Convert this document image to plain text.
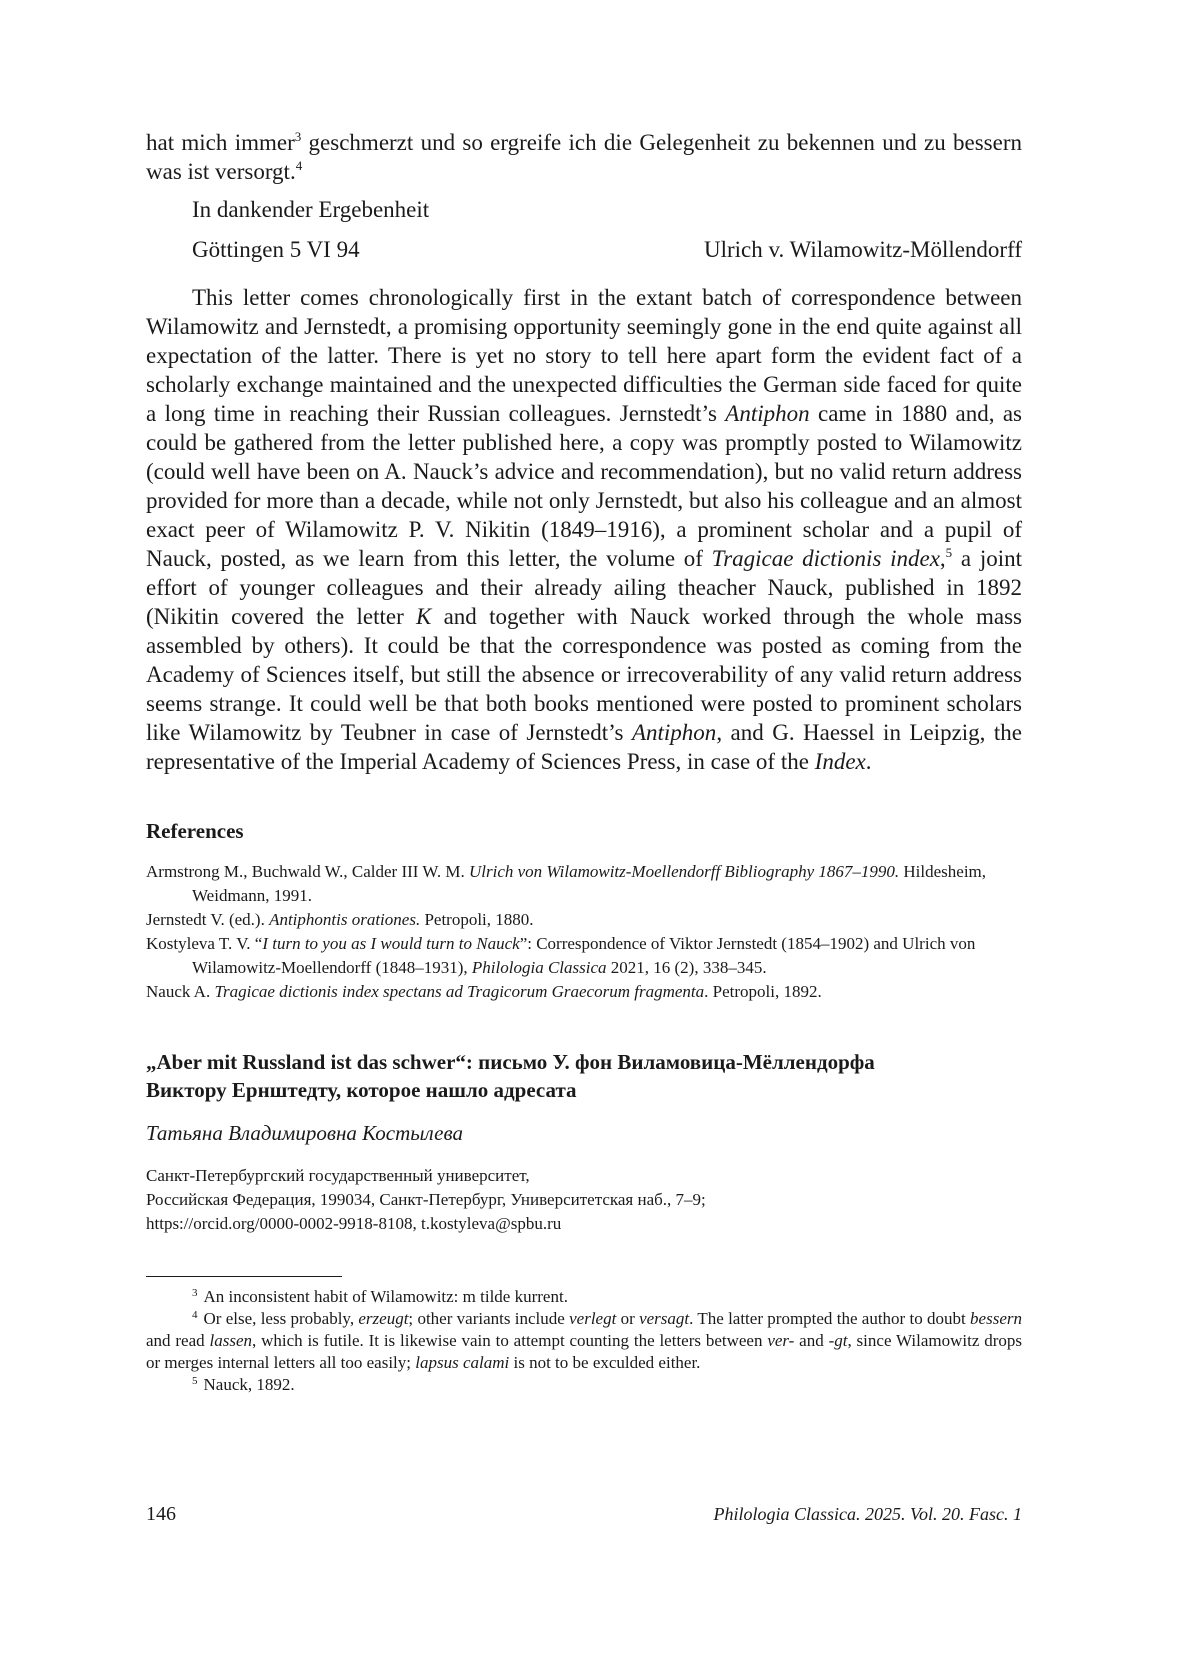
hat mich immer$^3$ geschmerzt und so ergreife ich die Gelegenheit zu bekennen und zu bessern was ist versorgt.$^4$

In dankender Ergebenheit
Göttingen 5 VI 94	Ulrich v. Wilamowitz-Möllendorff

This letter comes chronologically first in the extant batch of correspondence between Wilamowitz and Jernstedt, a promising opportunity seemingly gone in the end quite against all expectation of the latter. There is yet no story to tell here apart form the evident fact of a scholarly exchange maintained and the unexpected difficulties the German side faced for quite a long time in reaching their Russian colleagues. Jernstedt’s Antiphon came in 1880 and, as could be gathered from the letter published here, a copy was promptly posted to Wilamowitz (could well have been on A. Nauck’s advice and recommendation), but no valid return address provided for more than a decade, while not only Jernstedt, but also his colleague and an almost exact peer of Wilamowitz P. V. Nikitin (1849–1916), a prominent scholar and a pupil of Nauck, posted, as we learn from this letter, the volume of Tragicae dictionis index,$^5$ a joint effort of younger colleagues and their already ailing theacher Nauck, published in 1892 (Nikitin covered the letter K and together with Nauck worked through the whole mass assembled by others). It could be that the correspondence was posted as coming from the Academy of Sciences itself, but still the absence or irrecoverability of any valid return address seems strange. It could well be that both books mentioned were posted to prominent scholars like Wilamowitz by Teubner in case of Jernstedt’s Antiphon, and G. Haessel in Leipzig, the representative of the Imperial Academy of Sciences Press, in case of the Index.

References

Armstrong M., Buchwald W., Calder III W. M. Ulrich von Wilamowitz-Moellendorff Bibliography 1867–1990. Hildesheim, Weidmann, 1991.

Jernstedt V. (ed.). Antiphontis orationes. Petropoli, 1880.

Kostyleva T. V. “I turn to you as I would turn to Nauck”: Correspondence of Viktor Jernstedt (1854–1902) and Ulrich von Wilamowitz-Moellendorff (1848–1931), Philologia Classica 2021, 16 (2), 338–345.

Nauck A. Tragicae dictionis index spectans ad Tragicorum Graecorum fragmenta. Petropoli, 1892.

„Aber mit Russland ist das schwer“: письмо У. фон Виламовица-Мёллендорфа
Виктору Ернштедту, которое нашло адресата
Татьяна Владимировна Костылева
Санкт-Петербургский государственный университет,
Российская Федерация, 199034, Санкт-Петербург, Университетская наб., 7–9;
https://orcid.org/0000-0002-9918-8108, t.kostyleva@spbu.ru

$^3$ An inconsistent habit of Wilamowitz: m tilde kurrent.

$^4$ Or else, less probably, erzeugt; other variants include verlegt or versagt. The latter prompted the author to doubt bessern and read lassen, which is futile. It is likewise vain to attempt counting the letters between ver- and -gt, since Wilamowitz drops or merges internal letters all too easily; lapsus calami is not to be exculded either.

$^5$ Nauck, 1892.

146	Philologia Classica. 2025. Vol. 20. Fasc. 1
